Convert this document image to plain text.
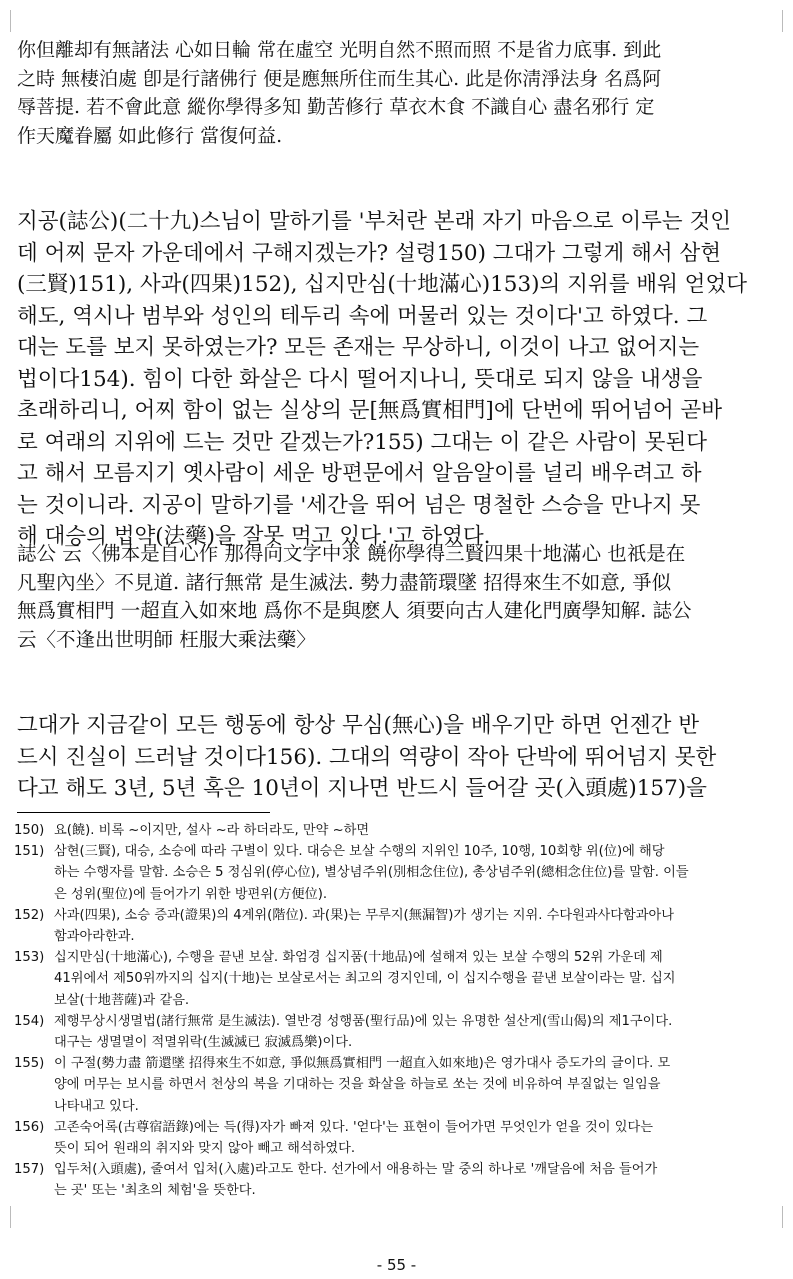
你但離却有無諸法 心如日輪 常在虛空 光明自然不照而照 不是省力底事. 到此
之時 無棲泊處 卽是行諸佛行 便是應無所住而生其心. 此是你淸淨法身 名爲阿
辱菩提. 若不會此意 縱你學得多知 勤苦修行 草衣木食 不識自心 盡名邪行 定
作天魔眷屬 如此修行 當復何益.
지공(誌公)(二十九)스님이 말하기를 '부처란 본래 자기 마음으로 이루는 것인
데 어찌 문자 가운데에서 구해지겠는가? 설령150) 그대가 그렇게 해서 삼현
(三賢)151), 사과(四果)152), 십지만심(十地滿心)153)의 지위를 배워 얻었다
해도, 역시나 범부와 성인의 테두리 속에 머물러 있는 것이다'고 하였다. 그
대는 도를 보지 못하였는가? 모든 존재는 무상하니, 이것이 나고 없어지는
법이다154). 힘이 다한 화살은 다시 떨어지나니, 뜻대로 되지 않을 내생을
초래하리니, 어찌 함이 없는 실상의 문[無爲實相門]에 단번에 뛰어넘어 곧바
로 여래의 지위에 드는 것만 같겠는가?155) 그대는 이 같은 사람이 못된다
고 해서 모름지기 옛사람이 세운 방편문에서 알음알이를 널리 배우려고 하
는 것이니라. 지공이 말하기를 '세간을 뛰어 넘은 명철한 스승을 만나지 못
해 대승의 법약(法藥)을 잘못 먹고 있다.'고 하였다.
誌公 云〈佛本是自心作 那得向文字中求 饒你學得三賢四果十地滿心 也祇是在
凡聖內坐〉不見道. 諸行無常 是生滅法. 勢力盡箭環墜 招得來生不如意, 爭似
無爲實相門 一超直入如來地 爲你不是與麽人 須要向古人建化門廣學知解. 誌公
云〈不逢出世明師 枉服大乘法藥〉
그대가 지금같이 모든 행동에 항상 무심(無心)을 배우기만 하면 언젠간 반
드시 진실이 드러날 것이다156). 그대의 역량이 작아 단박에 뛰어넘지 못한
다고 해도 3년, 5년 혹은 10년이 지나면 반드시 들어갈 곳(入頭處)157)을
150) 요(饒). 비록 ~이지만, 설사 ~라 하더라도, 만약 ~하면
151) 삼현(三賢), 대승, 소승에 따라 구별이 있다. 대승은 보살 수행의 지위인 10주, 10행, 10회향 위(位)에 해당
하는 수행자를 말함. 소승은 5 정심위(停心位), 별상념주위(別相念住位), 총상념주위(總相念住位)를 말함. 이들
은 성위(聖位)에 들어가기 위한 방편위(方便位).
152) 사과(四果), 소승 증과(證果)의 4계위(階位). 과(果)는 무루지(無漏智)가 생기는 지위. 수다원과사다함과아나
함과아라한과.
153) 십지만심(十地滿心), 수행을 끝낸 보살. 화엄경 십지품(十地品)에 설해져 있는 보살 수행의 52위 가운데 제
41위에서 제50위까지의 십지(十地)는 보살로서는 최고의 경지인데, 이 십지수행을 끝낸 보살이라는 말. 십지
보살(十地菩薩)과 같음.
154) 제행무상시생멸법(諸行無常 是生滅法). 열반경 성행품(聖行品)에 있는 유명한 설산게(雪山偈)의 제1구이다.
대구는 생멸멸이 적멸위락(生滅滅已 寂滅爲樂)이다.
155) 이 구절(勢力盡 箭還墜 招得來生不如意, 爭似無爲實相門 一超直入如來地)은 영가대사 증도가의 글이다. 모
양에 머무는 보시를 하면서 천상의 복을 기대하는 것을 화살을 하늘로 쏘는 것에 비유하여 부질없는 일임을
나타내고 있다.
156) 고존숙어록(古尊宿語錄)에는 득(得)자가 빠져 있다. '얻다'는 표현이 들어가면 무엇인가 얻을 것이 있다는
뜻이 되어 원래의 취지와 맞지 않아 빼고 해석하였다.
157) 입두처(入頭處), 줄여서 입처(入處)라고도 한다. 선가에서 애용하는 말 중의 하나로 '깨달음에 처음 들어가
는 곳' 또는 '최초의 체험'을 뜻한다.
- 55 -
